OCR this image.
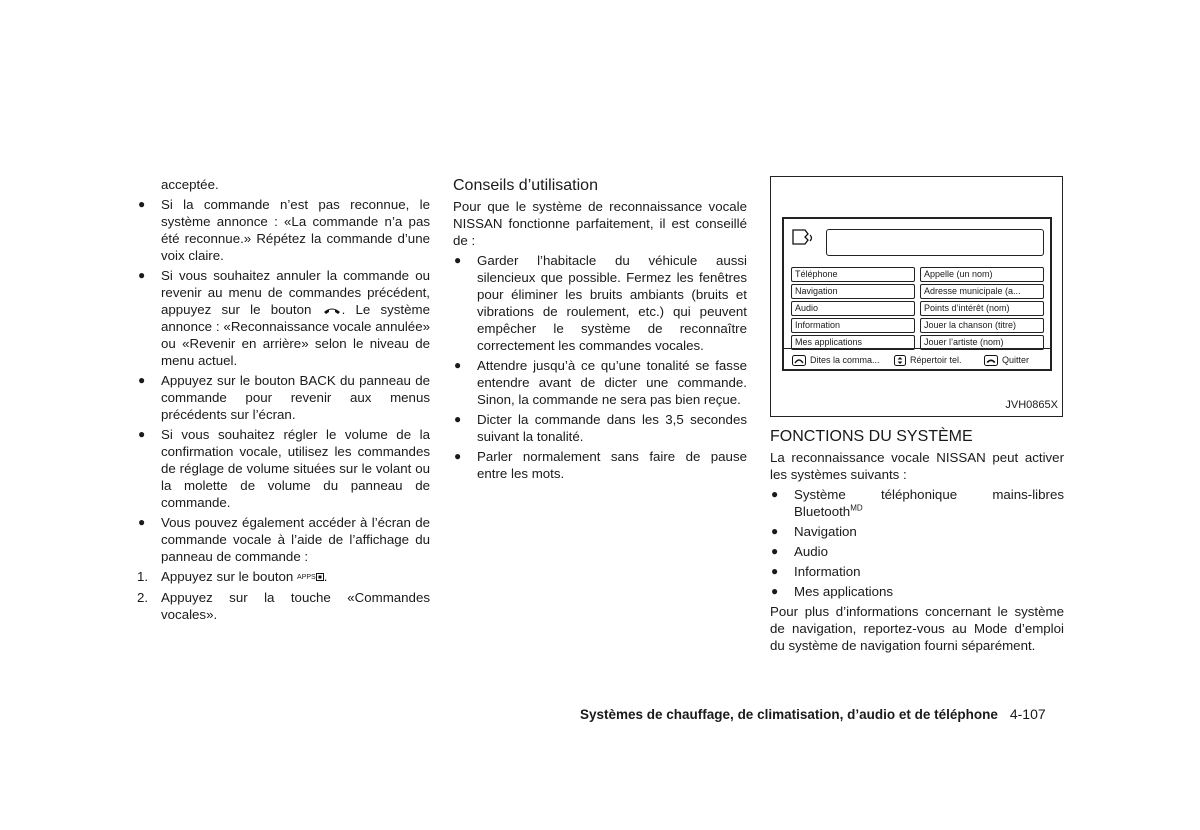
acceptée.

● Si la commande n’est pas reconnue, le système annonce : «La commande n’a pas été reconnue.» Répétez la commande d’une voix claire.
● Si vous souhaitez annuler la commande ou revenir au menu de commandes précédent, appuyez sur le bouton . Le système annonce : «Reconnaissance vocale annulée» ou «Revenir en arrière» selon le niveau de menu actuel.
● Appuyez sur le bouton BACK du panneau de commande pour revenir aux menus précédents sur l’écran.
● Si vous souhaitez régler le volume de la confirmation vocale, utilisez les commandes de réglage de volume situées sur le volant ou la molette de volume du panneau de commande.
● Vous pouvez également accéder à l’écran de commande vocale à l’aide de l’affichage du panneau de commande :
1. Appuyez sur le bouton APPS .
2. Appuyez sur la touche «Commandes vocales».
Conseils d’utilisation

Pour que le système de reconnaissance vocale NISSAN fonctionne parfaitement, il est conseillé de :

● Garder l’habitacle du véhicule aussi silencieux que possible. Fermez les fenêtres pour éliminer les bruits ambiants (bruits et vibrations de roulement, etc.) qui peuvent empêcher le système de reconnaître correctement les commandes vocales.
● Attendre jusqu’à ce qu’une tonalité se fasse entendre avant de dicter une commande. Sinon, la commande ne sera pas bien reçue.
● Dicter la commande dans les 3,5 secondes suivant la tonalité.
● Parler normalement sans faire de pause entre les mots.
Téléphone
Navigation
Audio
Information
Mes applications
Appelle (un nom)
Adresse municipale (a...
Points d’intérêt (nom)
Jouer la chanson (titre)
Jouer l’artiste (nom)
Dites la comma...	Répertoir tel.	Quitter
JVH0865X
FONCTIONS DU SYSTÈME

La reconnaissance vocale NISSAN peut activer les systèmes suivants :

● Système téléphonique mains-libres Bluetooth$^{MD}$
● Navigation
● Audio
● Information
● Mes applications

Pour plus d’informations concernant le système de navigation, reportez-vous au Mode d’emploi du système de navigation fourni séparément.

Systèmes de chauffage, de climatisation, d’audio et de téléphone 4-107
